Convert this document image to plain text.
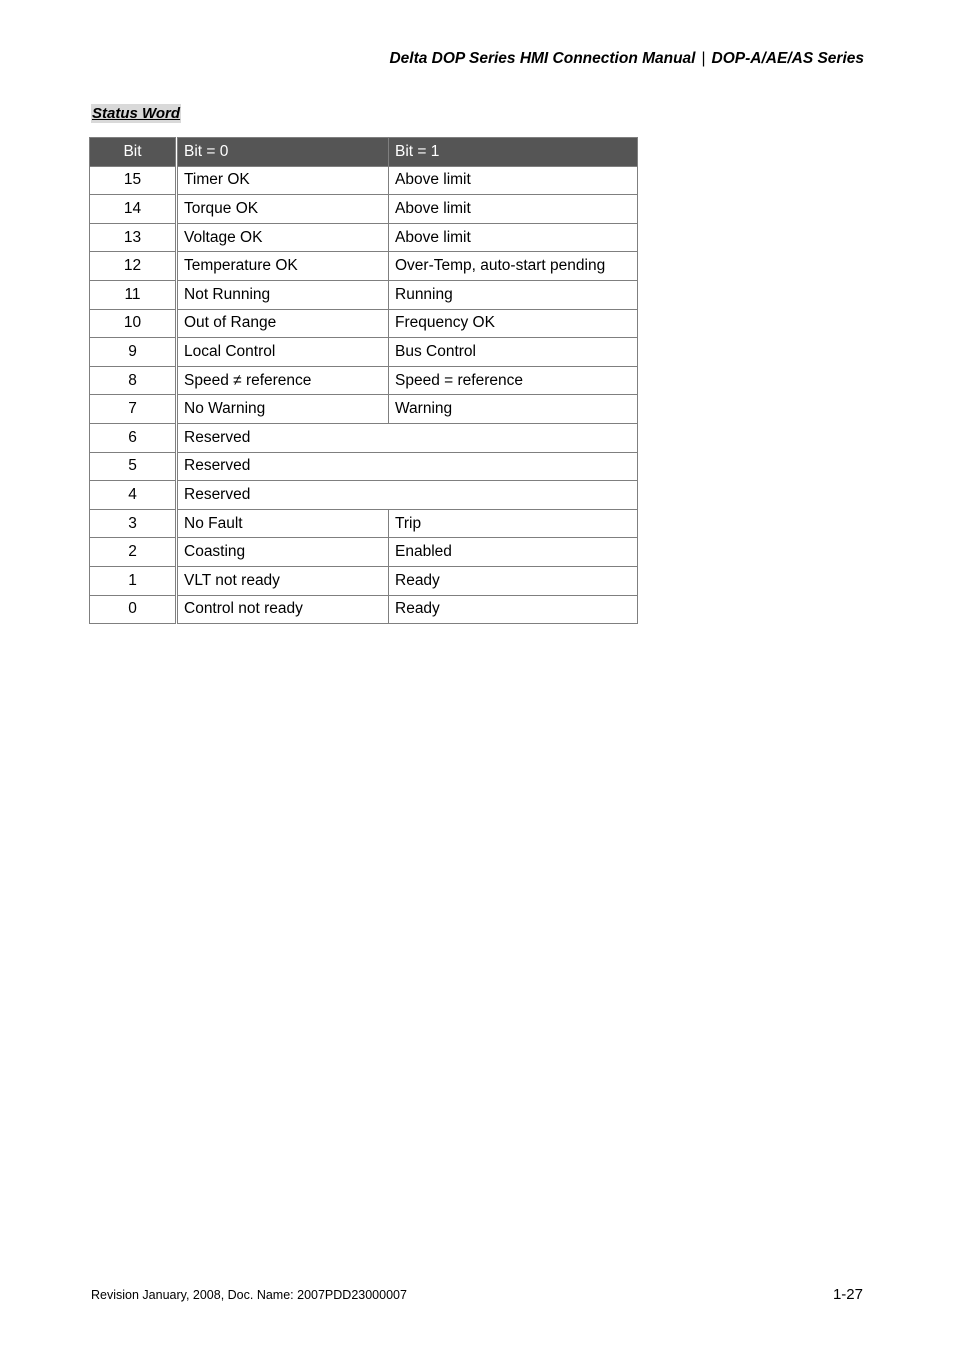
Delta DOP Series HMI Connection Manual | DOP-A/AE/AS Series
Status Word
Bit	Bit = 0	Bit = 1
15	Timer OK	Above limit
14	Torque OK	Above limit
13	Voltage OK	Above limit
12	Temperature OK	Over-Temp, auto-start pending
11	Not Running	Running
10	Out of Range	Frequency OK
9	Local Control	Bus Control
8	Speed ≠ reference	Speed = reference
7	No Warning	Warning
6	Reserved	
5	Reserved	
4	Reserved	
3	No Fault	Trip
2	Coasting	Enabled
1	VLT not ready	Ready
0	Control not ready	Ready
Revision January, 2008, Doc. Name: 2007PDD23000007	1-27
